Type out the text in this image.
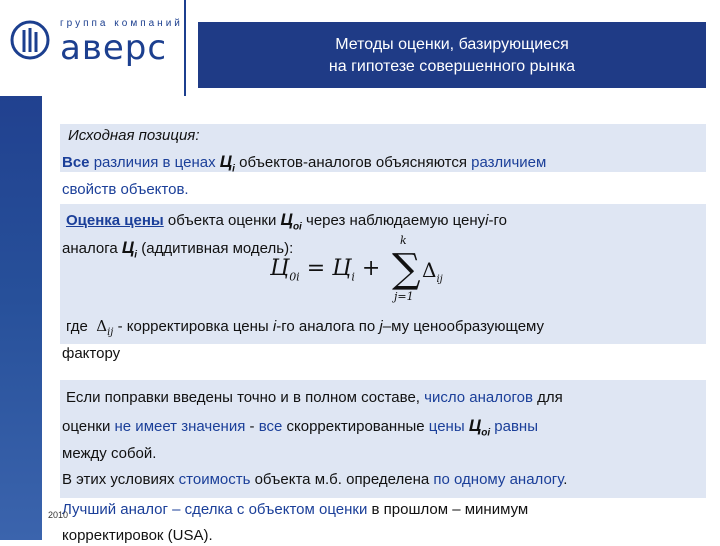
группа компаний
аверс	Методы оценки, базирующиеся
на гипотезе совершенного рынка
Исходная позиция:
Все различия в ценах $Ц_i$ объектов-аналогов объясняются различием
свойств объектов.
Оценка цены объекта оценки $Ц_{oi}$ через наблюдаемую ценуi-го
аналога $Ц_i$ (аддитивная модель):
$Ц_{0i} = Ц_i$ +
k
∑
j=1
$\Delta_{ij}$
где $\Delta_{ij}$ - корректировка цены i-го аналога по j–му ценообразующему
фактору
Если поправки введены точно и в полном составе, число аналогов для
оценки не имеет значения - все скорректированные цены $Ц_{oi}$ равны
между собой.
В этих условиях стоимость объекта м.б. определена по одному аналогу.
Лучший аналог – сделка с объектом оценки в прошлом – минимум
корректировок (USA).
2010
